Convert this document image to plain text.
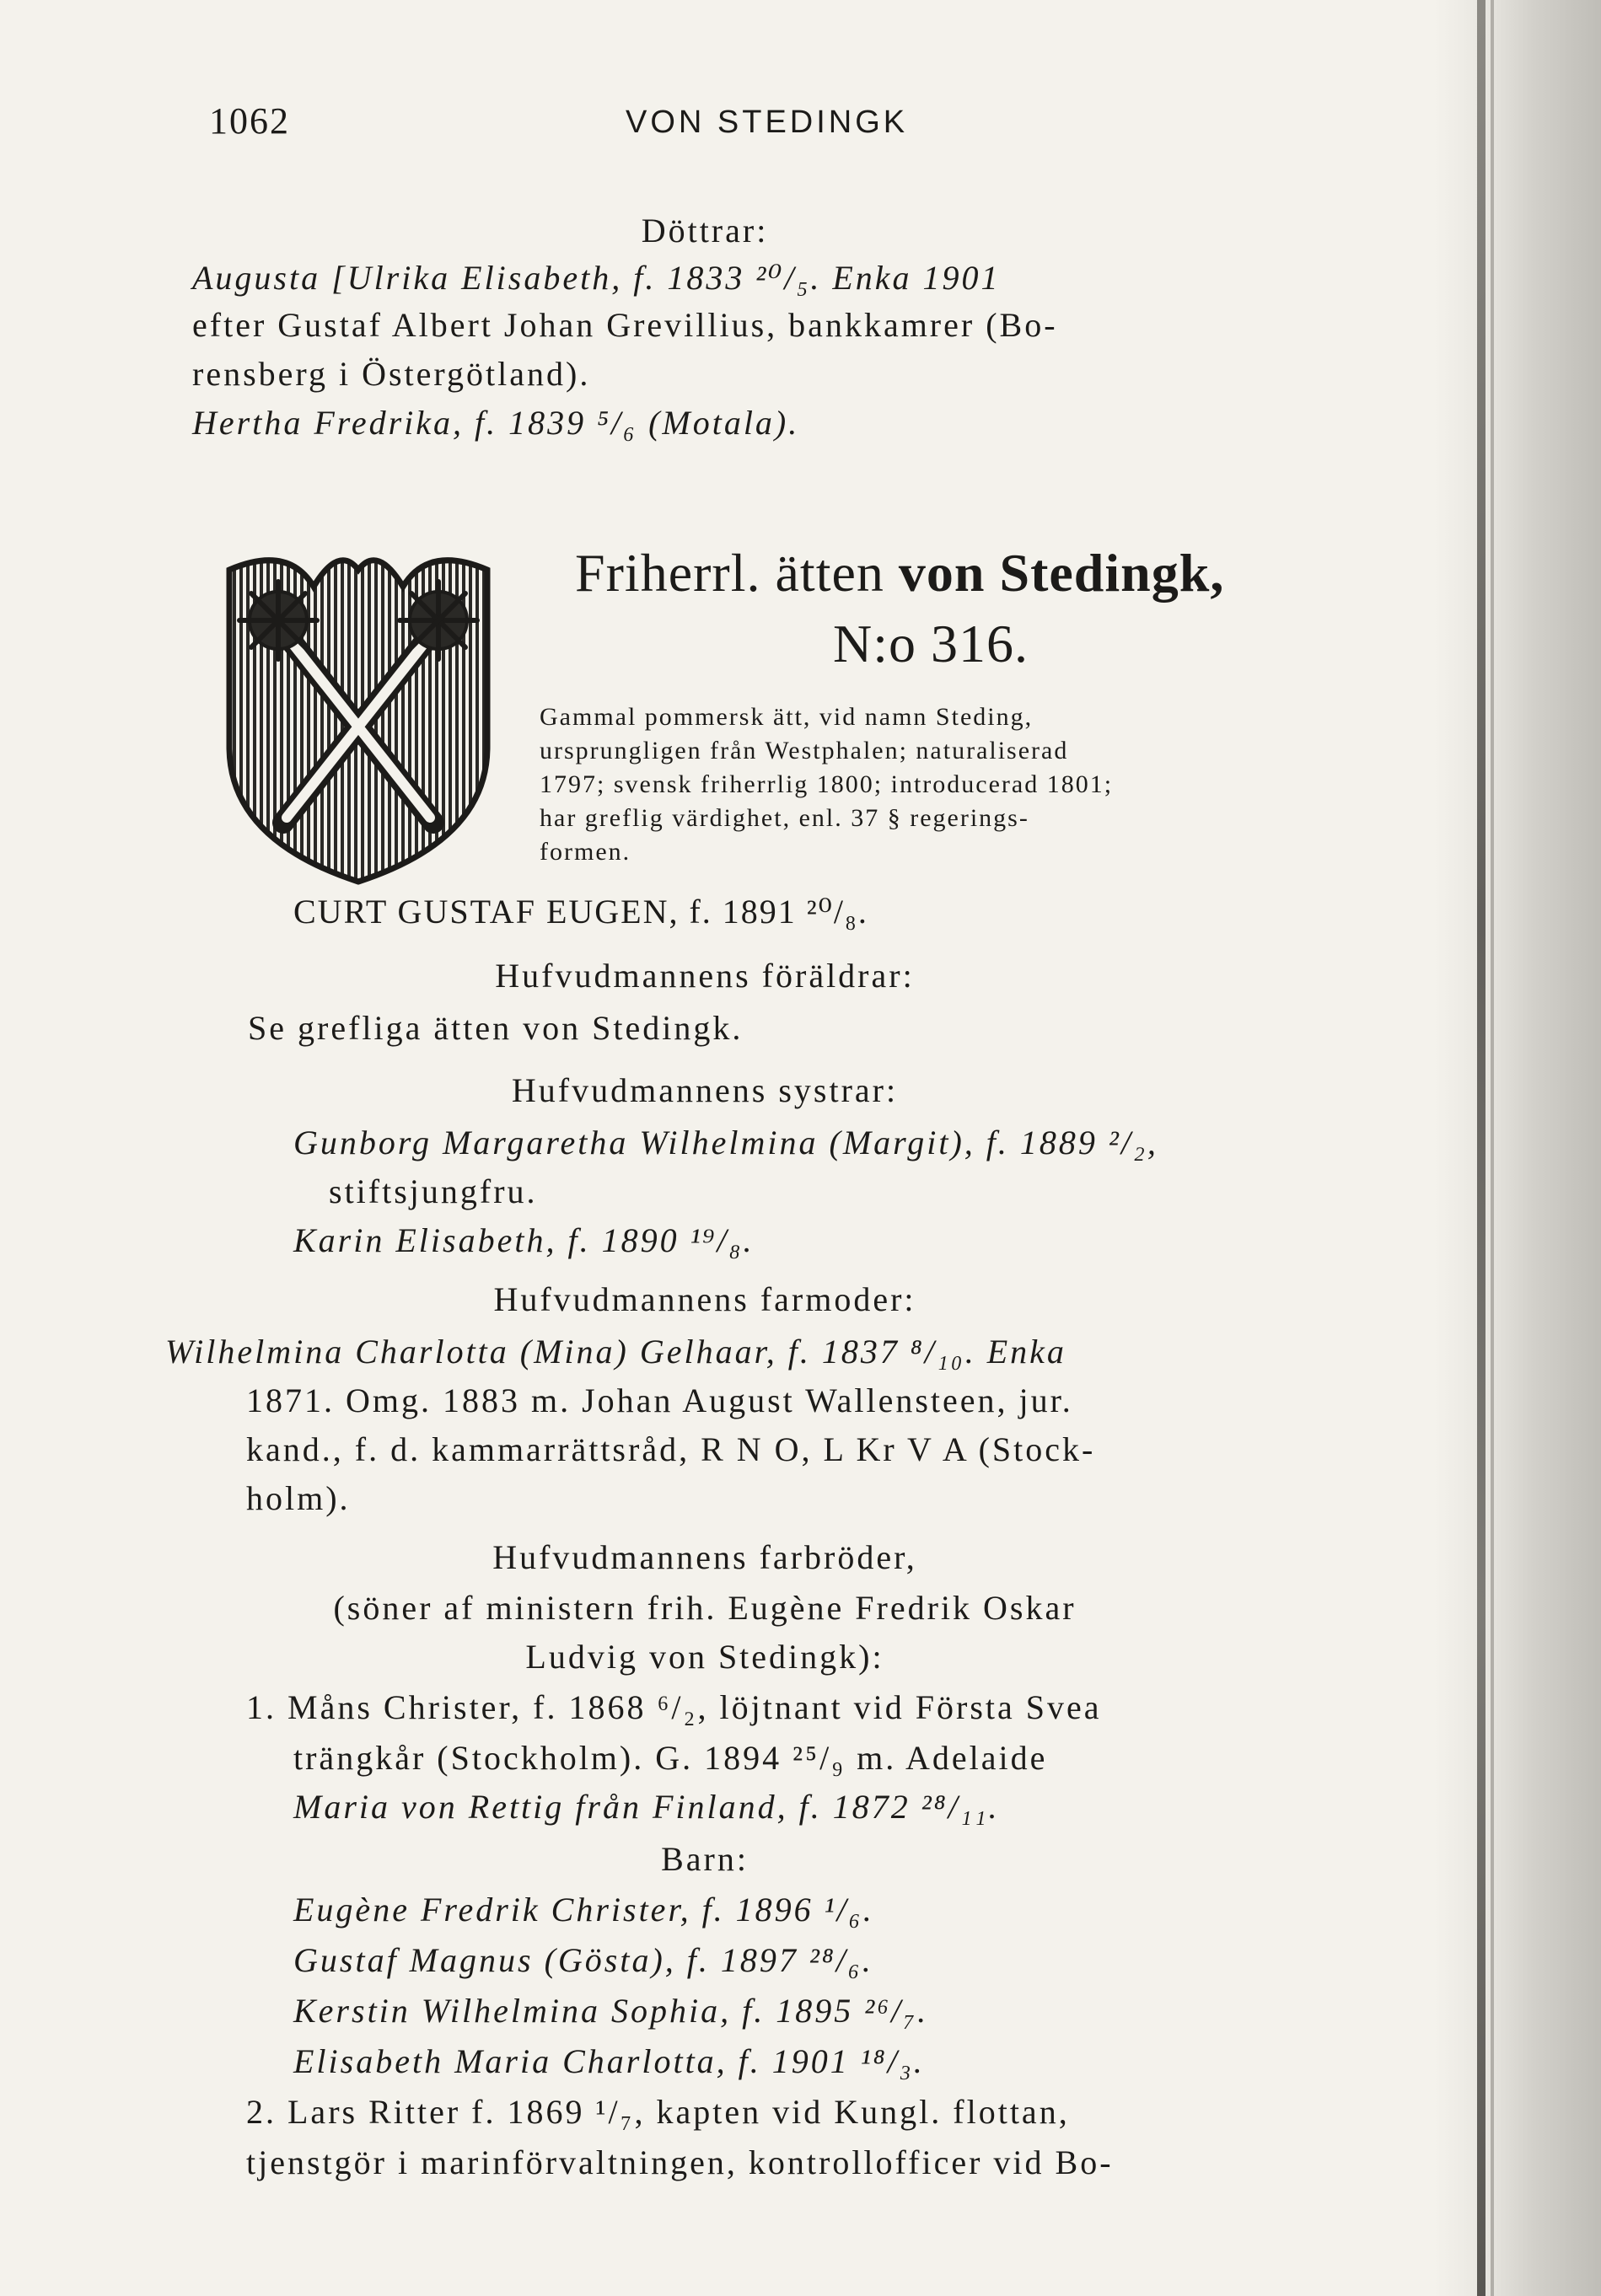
1062	VON STEDINGK
Döttrar:
Augusta [Ulrika Elisabeth, f. 1833 ²⁰/₅. Enka 1901
efter Gustaf Albert Johan Grevillius, bankkamrer (Bo-
rensberg i Östergötland).
Hertha Fredrika, f. 1839 ⁵/₆ (Motala).
Friherrl. ätten von Stedingk,
N:o 316.
Gammal pommersk ätt, vid namn Steding,
ursprungligen från Westphalen; naturaliserad
1797; svensk friherrlig 1800; introducerad 1801;
har greflig värdighet, enl. 37 § regerings-
formen.
CURT GUSTAF EUGEN, f. 1891 ²⁰/₈.
Hufvudmannens föräldrar:
Se grefliga ätten von Stedingk.
Hufvudmannens systrar:
Gunborg Margaretha Wilhelmina (Margit), f. 1889 ²/₂,
stiftsjungfru.
Karin Elisabeth, f. 1890 ¹⁹/₈.
Hufvudmannens farmoder:
Wilhelmina Charlotta (Mina) Gelhaar, f. 1837 ⁸/₁₀. Enka
1871. Omg. 1883 m. Johan August Wallensteen, jur.
kand., f. d. kammarrättsråd, R N O, L Kr V A (Stock-
holm).
Hufvudmannens farbröder,
(söner af ministern frih. Eugène Fredrik Oskar
Ludvig von Stedingk):
1. Måns Christer, f. 1868 ⁶/₂, löjtnant vid Första Svea
trängkår (Stockholm). G. 1894 ²⁵/₉ m. Adelaide
Maria von Rettig från Finland, f. 1872 ²⁸/₁₁.
Barn:
Eugène Fredrik Christer, f. 1896 ¹/₆.
Gustaf Magnus (Gösta), f. 1897 ²⁸/₆.
Kerstin Wilhelmina Sophia, f. 1895 ²⁶/₇.
Elisabeth Maria Charlotta, f. 1901 ¹⁸/₃.
2. Lars Ritter f. 1869 ¹/₇, kapten vid Kungl. flottan,
tjenstgör i marinförvaltningen, kontrollofficer vid Bo-
